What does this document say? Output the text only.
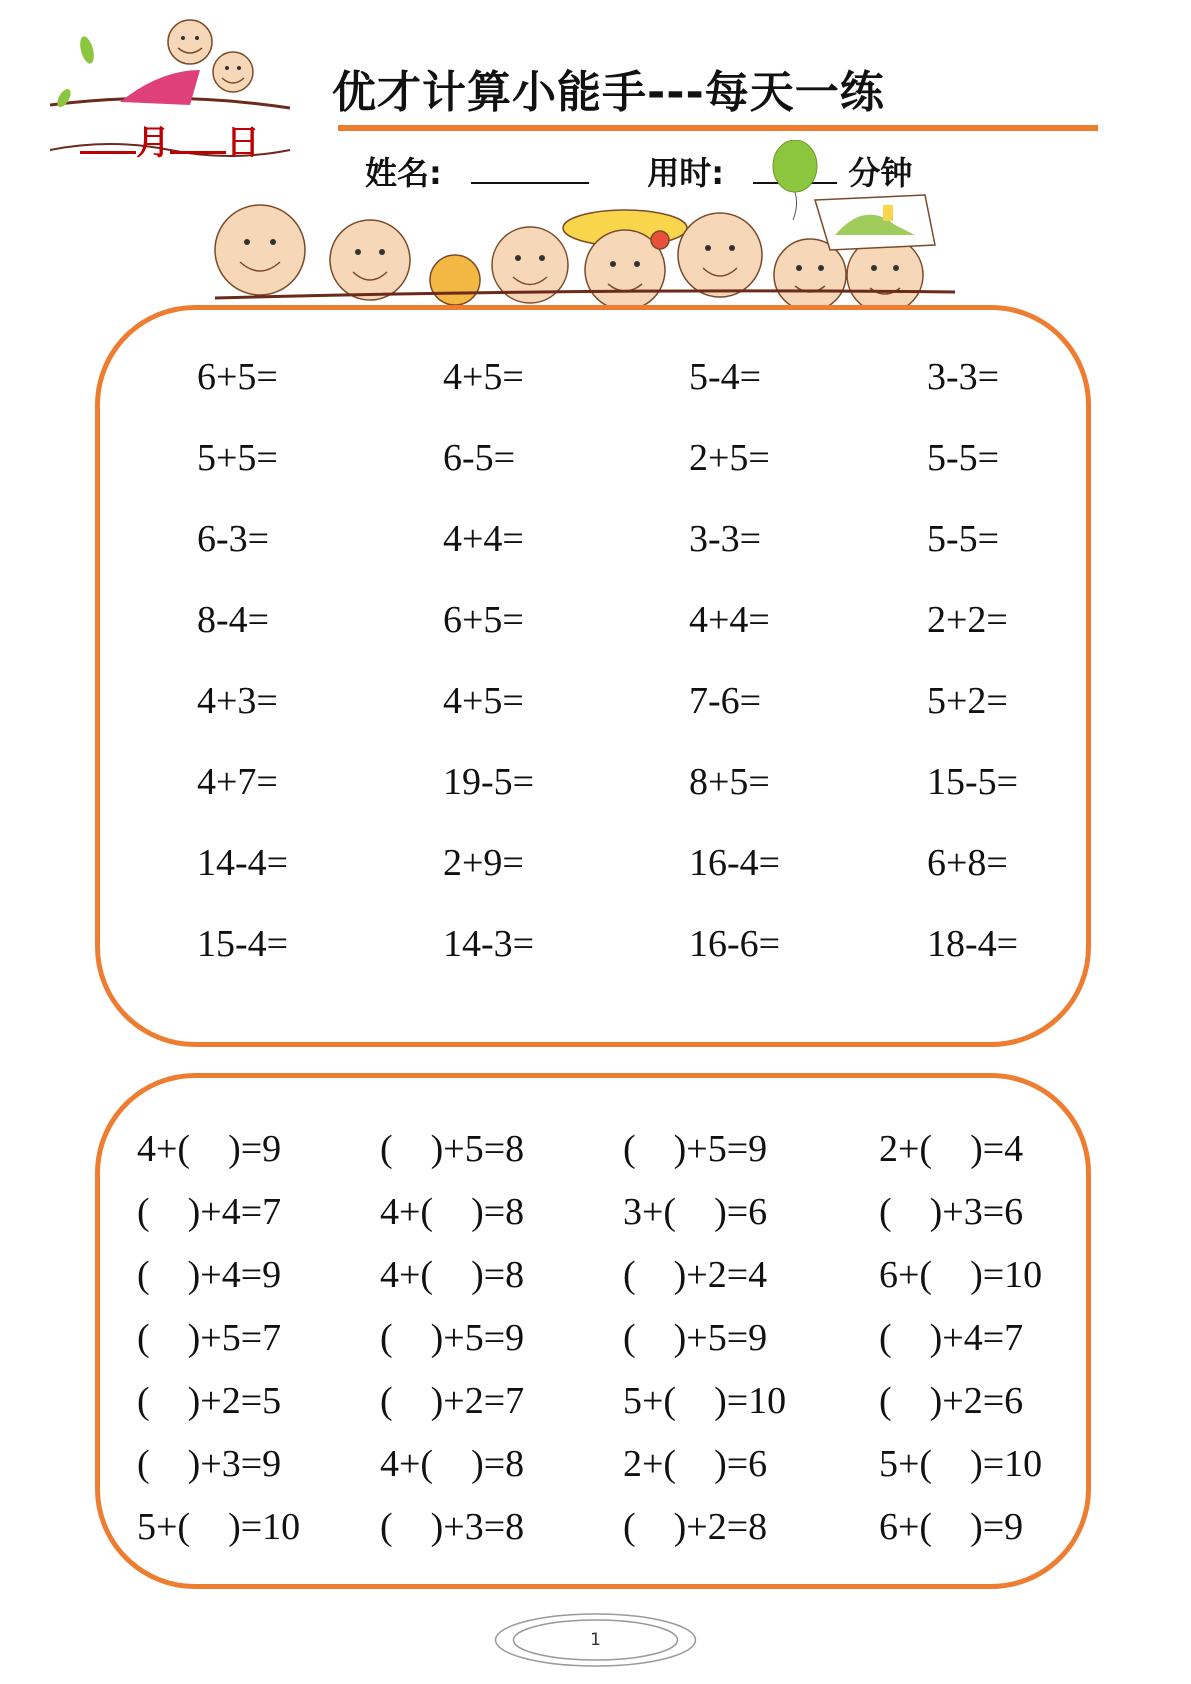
月 日
优才计算小能手---每天一练
姓名:	用时:	分钟
6+5=	4+5=	5-4=	3-3=
5+5=	6-5=	2+5=	5-5=
6-3=	4+4=	3-3=	5-5=
8-4=	6+5=	4+4=	2+2=
4+3=	4+5=	7-6=	5+2=
4+7=	19-5=	8+5=	15-5=
14-4=	2+9=	16-4=	6+8=
15-4=	14-3=	16-6=	18-4=
4+(    )=9	(    )+5=8	(    )+5=9	2+(    )=4
(    )+4=7	4+(    )=8	3+(    )=6	(    )+3=6
(    )+4=9	4+(    )=8	(    )+2=4	6+(    )=10
(    )+5=7	(    )+5=9	(    )+5=9	(    )+4=7
(    )+2=5	(    )+2=7	5+(    )=10	(    )+2=6
(    )+3=9	4+(    )=8	2+(    )=6	5+(    )=10
5+(    )=10	(    )+3=8	(    )+2=8	6+(    )=9
1
